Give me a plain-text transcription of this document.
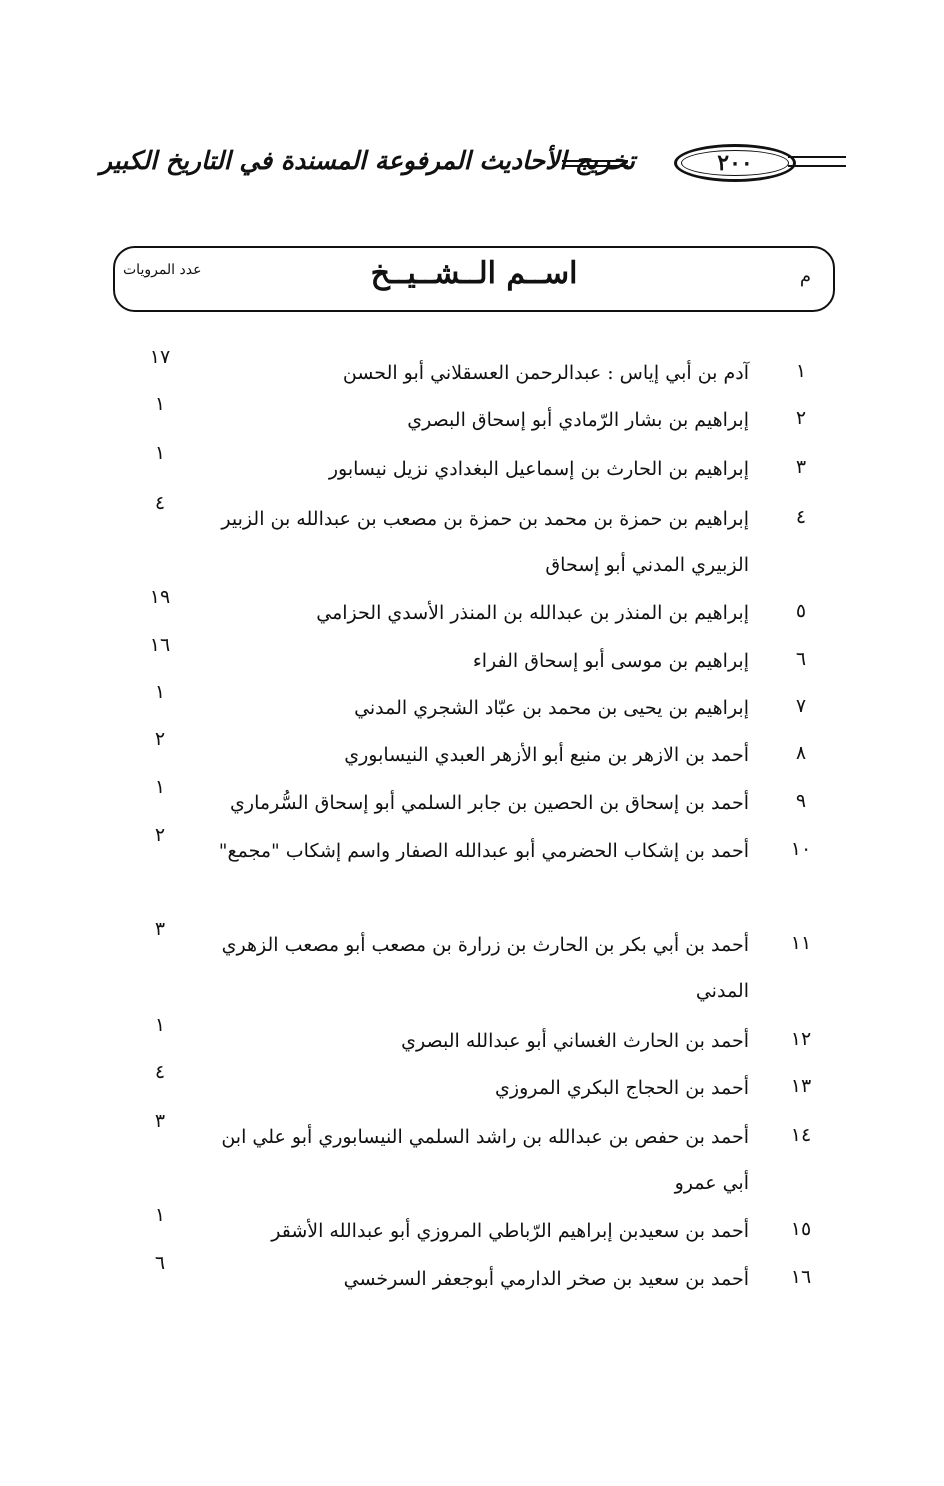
تخريج الأحاديث المرفوعة المسندة في التاريخ الكبير	٢٠٠
م
اســم الــشــيــخ
عدد المرويات
١
آدم بن أبي إياس : عبدالرحمن العسقلاني أبو الحسن
١٧
٢
إبراهيم بن بشار الرّمادي أبو إسحاق البصري
١
٣
إبراهيم بن الحارث بن إسماعيل البغدادي نزيل نيسابور
١
٤
إبراهيم بن حمزة بن محمد بن حمزة بن مصعب بن عبدالله بن الزبير الزبيري المدني أبو إسحاق
٤
٥
إبراهيم بن المنذر بن عبدالله بن المنذر الأسدي الحزامي
١٩
٦
إبراهيم بن موسى أبو إسحاق الفراء
١٦
٧
إبراهيم بن يحيى بن محمد بن عبّاد الشجري المدني
١
٨
أحمد بن الازهر بن منيع أبو الأزهر العبدي النيسابوري
٢
٩
أحمد بن إسحاق بن الحصين بن جابر السلمي أبو إسحاق السُّرماري
١
١٠
أحمد بن إشكاب الحضرمي أبو عبدالله الصفار واسم إشكاب "مجمع"
٢
١١
أحمد بن أبي بكر بن الحارث بن زرارة بن مصعب أبو مصعب الزهري المدني
٣
١٢
أحمد بن الحارث الغساني أبو عبدالله البصري
١
١٣
أحمد بن الحجاج البكري المروزي
٤
١٤
أحمد بن حفص بن عبدالله بن راشد السلمي النيسابوري أبو علي ابن أبي عمرو
٣
١٥
أحمد بن سعيدبن إبراهيم الرّباطي المروزي أبو عبدالله الأشقر
١
١٦
أحمد بن سعيد بن صخر الدارمي أبوجعفر السرخسي
٦
